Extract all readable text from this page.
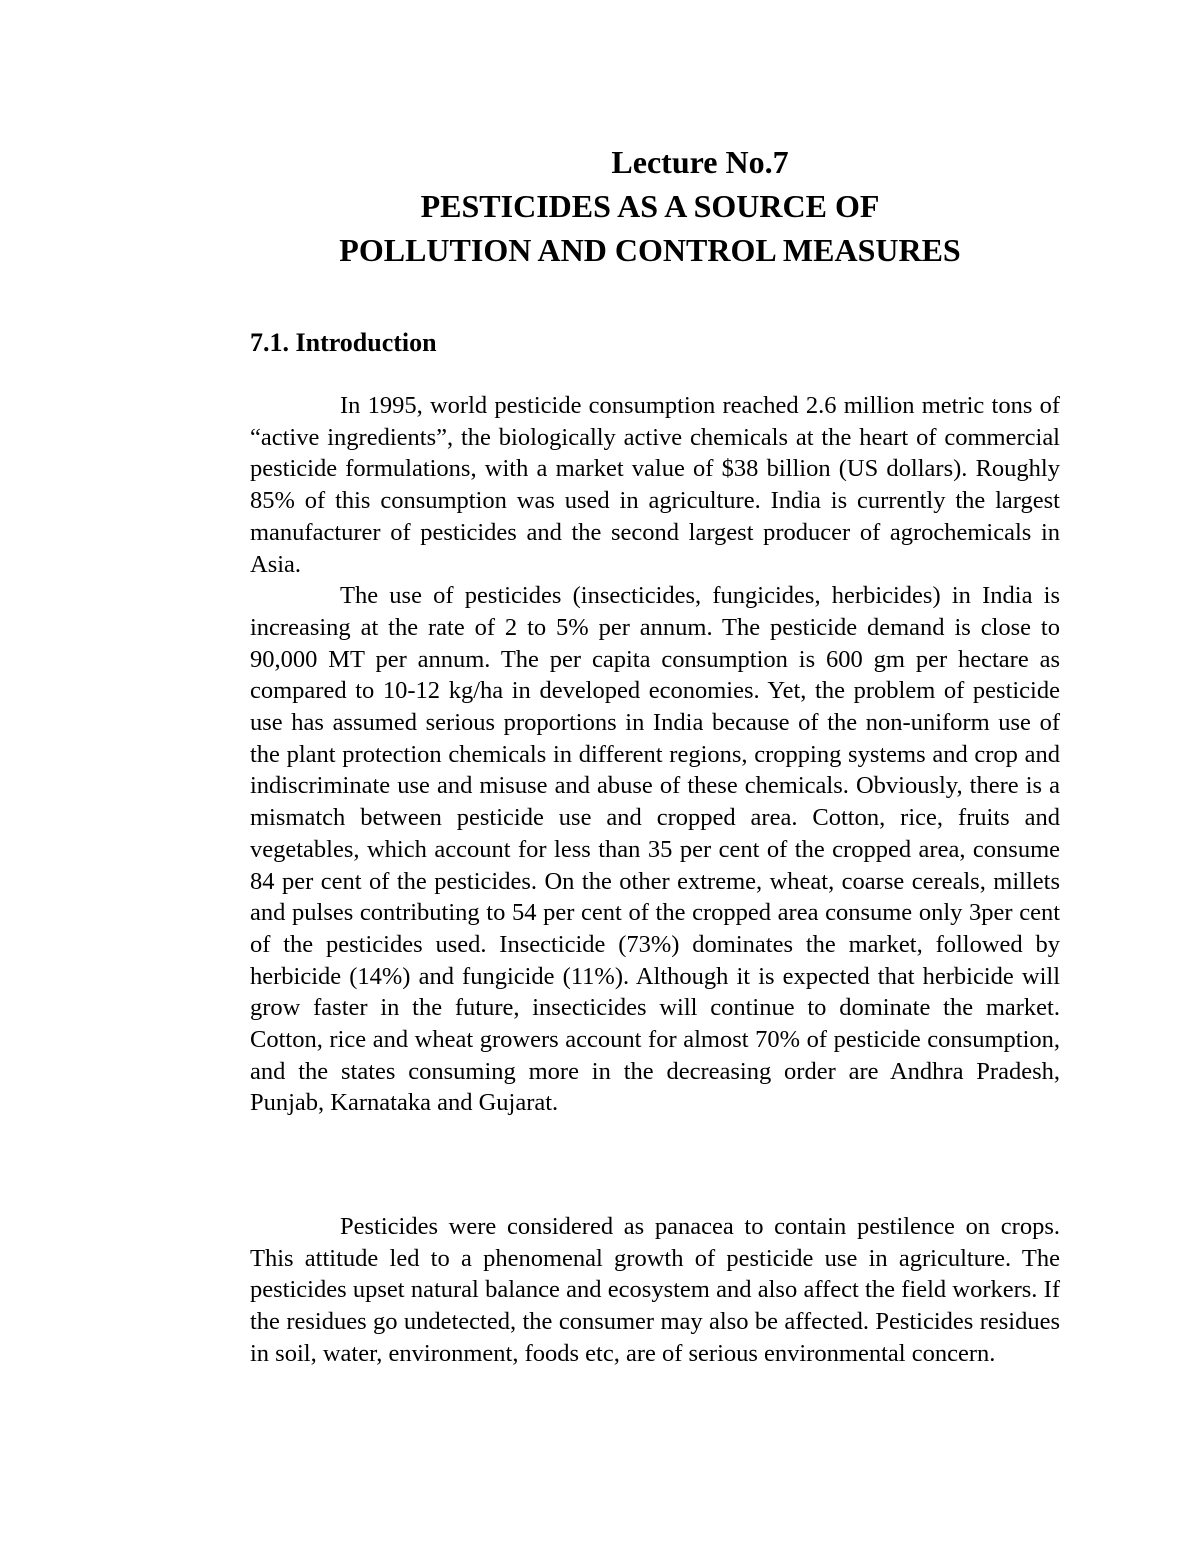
Lecture No.7
PESTICIDES AS A SOURCE OF
POLLUTION AND CONTROL MEASURES
7.1. Introduction

In 1995, world pesticide consumption reached 2.6 million metric tons of “active ingredients”, the biologically active chemicals at the heart of commercial pesticide formulations, with a market value of $38 billion (US dollars). Roughly 85% of this consumption was used in agriculture. India is currently the largest manufacturer of pesticides and the second largest producer of agrochemicals in Asia.

The use of pesticides (insecticides, fungicides, herbicides) in India is increasing at the rate of 2 to 5% per annum. The pesticide demand is close to 90,000 MT per annum. The per capita consumption is 600 gm per hectare as compared to 10-12 kg/ha in developed economies. Yet, the problem of pesticide use has assumed serious proportions in India because of the non-uniform use of the plant protection chemicals in different regions, cropping systems and crop and indiscriminate use and misuse and abuse of these chemicals. Obviously, there is a mismatch between pesticide use and cropped area. Cotton, rice, fruits and vegetables, which account for less than 35 per cent of the cropped area, consume 84 per cent of the pesticides. On the other extreme, wheat, coarse cereals, millets and pulses contributing to 54 per cent of the cropped area consume only 3per cent of the pesticides used. Insecticide (73%) dominates the market, followed by herbicide (14%) and fungicide (11%). Although it is expected that herbicide will grow faster in the future, insecticides will continue to dominate the market. Cotton, rice and wheat growers account for almost 70% of pesticide consumption, and the states consuming more in the decreasing order are Andhra Pradesh, Punjab, Karnataka and Gujarat.

Pesticides were considered as panacea to contain pestilence on crops. This attitude led to a phenomenal growth of pesticide use in agriculture. The pesticides upset natural balance and ecosystem and also affect the field workers. If the residues go undetected, the consumer may also be affected. Pesticides residues in soil, water, environment, foods etc, are of serious environmental concern.
